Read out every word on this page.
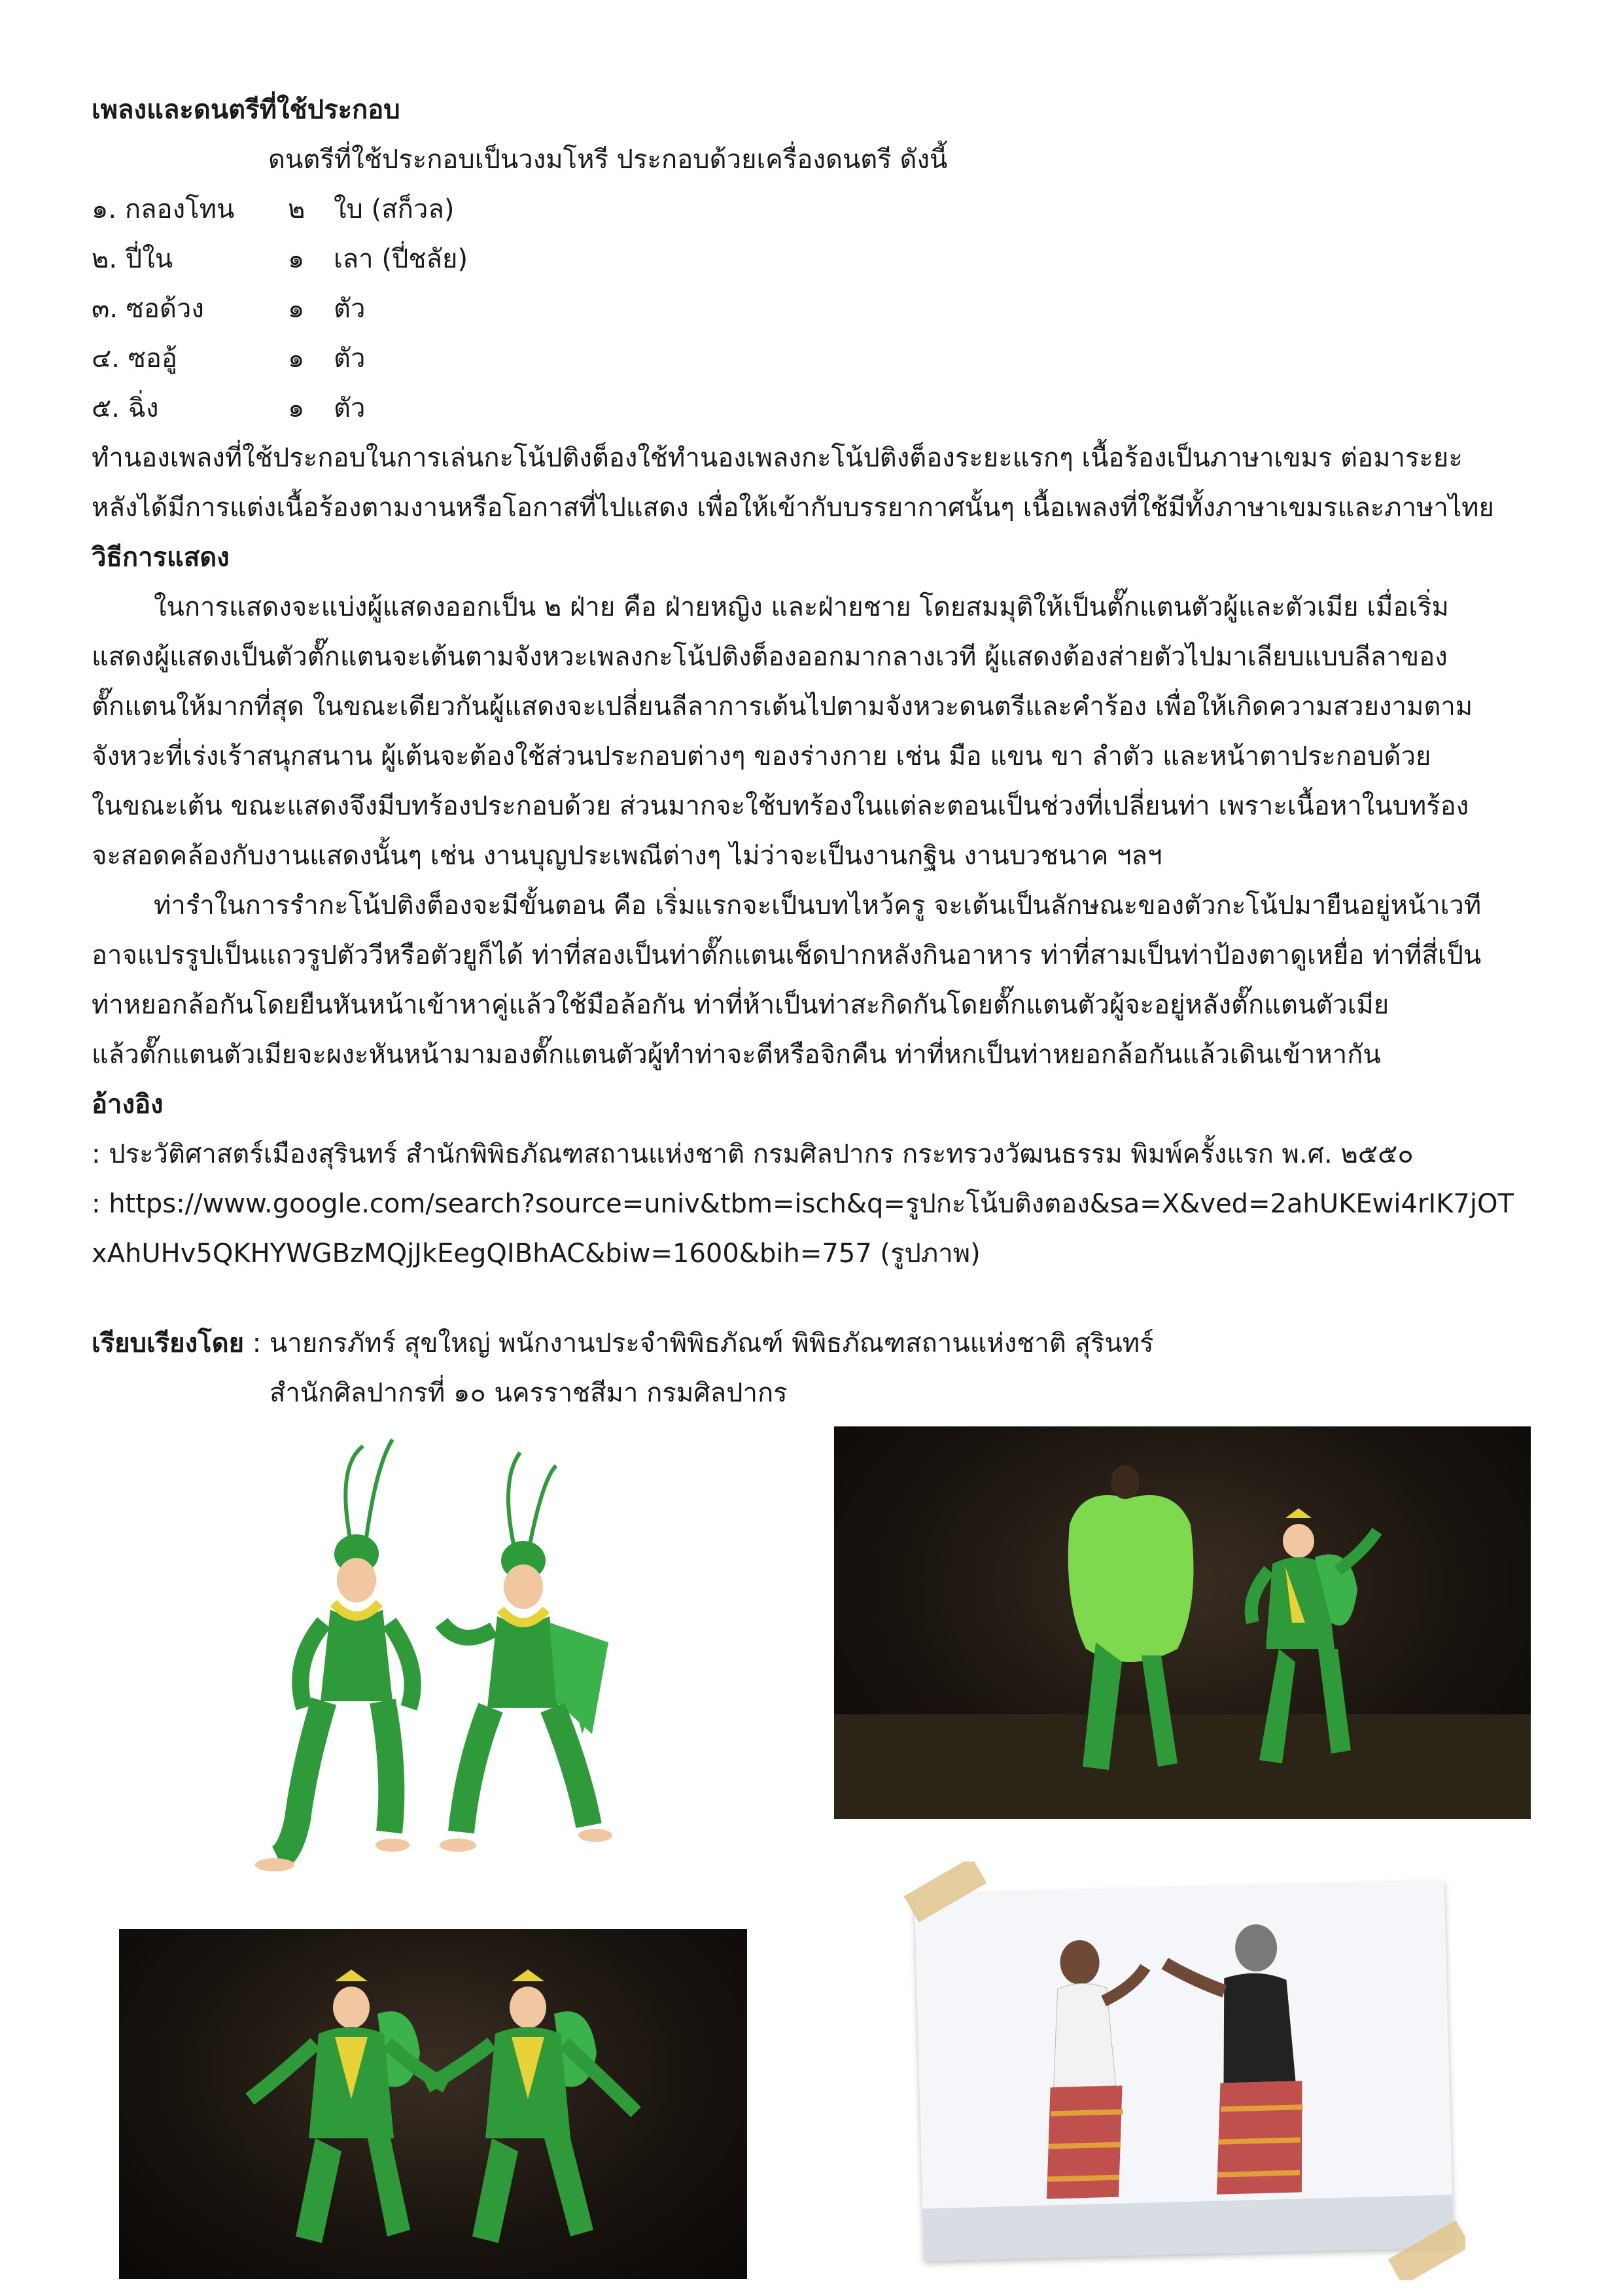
เพลงและดนตรีที่ใช้ประกอบ
ดนตรีที่ใช้ประกอบเป็นวงมโหรี ประกอบด้วยเครื่องดนตรี ดังนี้
๑. กลองโทน	๒	ใบ (สก็วล)
๒. ปี่ใน	๑	เลา (ปี่ชลัย)
๓. ซอด้วง	๑	ตัว
๔. ซออู้	๑	ตัว
๕. ฉิ่ง	๑	ตัว
ทำนองเพลงที่ใช้ประกอบในการเล่นกะโน้ปติงต็องใช้ทำนองเพลงกะโน้ปติงต็องระยะแรกๆ เนื้อร้องเป็นภาษาเขมร ต่อมาระยะ
หลังได้มีการแต่งเนื้อร้องตามงานหรือโอกาสที่ไปแสดง เพื่อให้เข้ากับบรรยากาศนั้นๆ เนื้อเพลงที่ใช้มีทั้งภาษาเขมรและภาษาไทย
วิธีการแสดง
ในการแสดงจะแบ่งผู้แสดงออกเป็น ๒ ฝ่าย คือ ฝ่ายหญิง และฝ่ายชาย โดยสมมุติให้เป็นตั๊กแตนตัวผู้และตัวเมีย เมื่อเริ่ม
แสดงผู้แสดงเป็นตัวตั๊กแตนจะเต้นตามจังหวะเพลงกะโน้ปติงต็องออกมากลางเวที ผู้แสดงต้องส่ายตัวไปมาเลียบแบบลีลาของ
ตั๊กแตนให้มากที่สุด ในขณะเดียวกันผู้แสดงจะเปลี่ยนลีลาการเต้นไปตามจังหวะดนตรีและคำร้อง เพื่อให้เกิดความสวยงามตาม
จังหวะที่เร่งเร้าสนุกสนาน ผู้เต้นจะต้องใช้ส่วนประกอบต่างๆ ของร่างกาย เช่น มือ แขน ขา ลำตัว และหน้าตาประกอบด้วย
ในขณะเต้น ขณะแสดงจึงมีบทร้องประกอบด้วย ส่วนมากจะใช้บทร้องในแต่ละตอนเป็นช่วงที่เปลี่ยนท่า เพราะเนื้อหาในบทร้อง
จะสอดคล้องกับงานแสดงนั้นๆ เช่น งานบุญประเพณีต่างๆ ไม่ว่าจะเป็นงานกฐิน งานบวชนาค ฯลฯ
ท่ารำในการรำกะโน้ปติงต็องจะมีขั้นตอน คือ เริ่มแรกจะเป็นบทไหว้ครู จะเต้นเป็นลักษณะของตัวกะโน้ปมายืนอยู่หน้าเวที
อาจแปรรูปเป็นแถวรูปตัววีหรือตัวยูก็ได้ ท่าที่สองเป็นท่าตั๊กแตนเช็ดปากหลังกินอาหาร ท่าที่สามเป็นท่าป้องตาดูเหยื่อ ท่าที่สี่เป็น
ท่าหยอกล้อกันโดยยืนหันหน้าเข้าหาคู่แล้วใช้มือล้อกัน ท่าที่ห้าเป็นท่าสะกิดกันโดยตั๊กแตนตัวผู้จะอยู่หลังตั๊กแตนตัวเมีย
แล้วตั๊กแตนตัวเมียจะผงะหันหน้ามามองตั๊กแตนตัวผู้ทำท่าจะตีหรือจิกคืน ท่าที่หกเป็นท่าหยอกล้อกันแล้วเดินเข้าหากัน
อ้างอิง
: ประวัติศาสตร์เมืองสุรินทร์ สำนักพิพิธภัณฑสถานแห่งชาติ กรมศิลปากร กระทรวงวัฒนธรรม พิมพ์ครั้งแรก พ.ศ. ๒๕๕๐
: https://www.google.com/search?source=univ&tbm=isch&q=รูปกะโน้บติงตอง&sa=X&ved=2ahUKEwi4rIK7jOT
xAhUHv5QKHYWGBzMQjJkEegQIBhAC&biw=1600&bih=757 (รูปภาพ)
เรียบเรียงโดย : นายกรภัทร์ สุขใหญ่ พนักงานประจำพิพิธภัณฑ์ พิพิธภัณฑสถานแห่งชาติ สุรินทร์
สำนักศิลปากรที่ ๑๐ นครราชสีมา กรมศิลปากร
